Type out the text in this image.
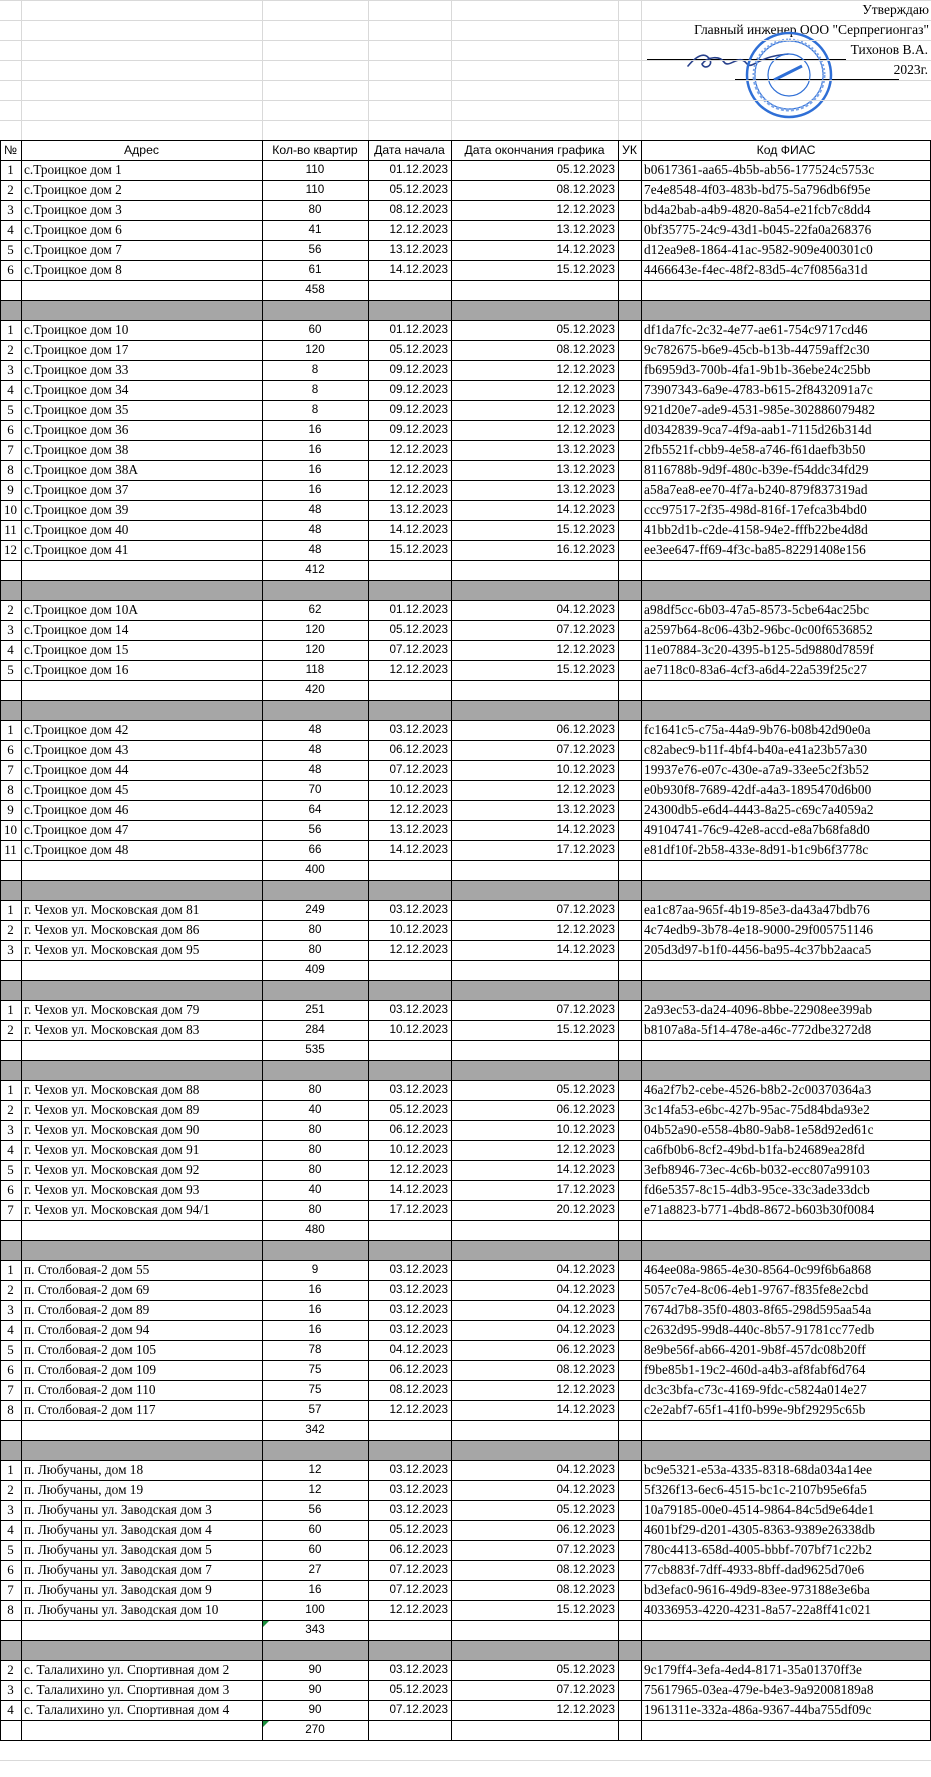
Утверждаю
Главный инженер ООО "Серпрегионгаз"
Тихонов В.А.
2023г.
№	Адрес	Кол-во квартир	Дата начала	Дата окончания графика	УК	Код ФИАС
1 с.Троицкое дом 1	110	01.12.2023	05.12.2023 b0617361-aa65-4b5b-ab56-177524c5753c
2 с.Троицкое дом 2	110	05.12.2023	08.12.2023 7e4e8548-4f03-483b-bd75-5a796db6f95e
3 с.Троицкое дом 3	80	08.12.2023	12.12.2023 bd4a2bab-a4b9-4820-8a54-e21fcb7c8dd4
4 с.Троицкое дом 6	41	12.12.2023	13.12.2023 0bf35775-24c9-43d1-b045-22fa0a268376
5 с.Троицкое дом 7	56	13.12.2023	14.12.2023 d12ea9e8-1864-41ac-9582-909e400301c0
6 с.Троицкое дом 8	61	14.12.2023	15.12.2023 4466643e-f4ec-48f2-83d5-4c7f0856a31d
458
1 с.Троицкое дом 10	60	01.12.2023	05.12.2023 df1da7fc-2c32-4e77-ae61-754c9717cd46
2 с.Троицкое дом 17	120	05.12.2023	08.12.2023 9c782675-b6e9-45cb-b13b-44759aff2c30
3 с.Троицкое дом 33	8	09.12.2023	12.12.2023 fb6959d3-700b-4fa1-9b1b-36ebe24c25bb
4 с.Троицкое дом 34	8	09.12.2023	12.12.2023 73907343-6a9e-4783-b615-2f8432091a7c
5 с.Троицкое дом 35	8	09.12.2023	12.12.2023 921d20e7-ade9-4531-985e-302886079482
6 с.Троицкое дом 36	16	09.12.2023	12.12.2023 d0342839-9ca7-4f9a-aab1-7115d26b314d
7 с.Троицкое дом 38	16	12.12.2023	13.12.2023 2fb5521f-cbb9-4e58-a746-f61daefb3b50
8 с.Троицкое дом 38А	16	12.12.2023	13.12.2023 8116788b-9d9f-480c-b39e-f54ddc34fd29
9 с.Троицкое дом 37	16	12.12.2023	13.12.2023 a58a7ea8-ee70-4f7a-b240-879f837319ad
10 с.Троицкое дом 39	48	13.12.2023	14.12.2023 ccc97517-2f35-498d-816f-17efca3b4bd0
11 с.Троицкое дом 40	48	14.12.2023	15.12.2023 41bb2d1b-c2de-4158-94e2-fffb22be4d8d
12 с.Троицкое дом 41	48	15.12.2023	16.12.2023 ee3ee647-ff69-4f3c-ba85-82291408e156
412
2 с.Троицкое дом 10А	62	01.12.2023	04.12.2023 a98df5cc-6b03-47a5-8573-5cbe64ac25bc
3 с.Троицкое дом 14	120	05.12.2023	07.12.2023 a2597b64-8c06-43b2-96bc-0c00f6536852
4 с.Троицкое дом 15	120	07.12.2023	12.12.2023 11e07884-3c20-4395-b125-5d9880d7859f
5 с.Троицкое дом 16	118	12.12.2023	15.12.2023 ae7118c0-83a6-4cf3-a6d4-22a539f25c27
420
1 с.Троицкое дом 42	48	03.12.2023	06.12.2023 fc1641c5-c75a-44a9-9b76-b08b42d90e0a
6 с.Троицкое дом 43	48	06.12.2023	07.12.2023 c82abec9-b11f-4bf4-b40a-e41a23b57a30
7 с.Троицкое дом 44	48	07.12.2023	10.12.2023 19937e76-e07c-430e-a7a9-33ee5c2f3b52
8 с.Троицкое дом 45	70	10.12.2023	12.12.2023 e0b930f8-7689-42df-a4a3-1895470d6b00
9 с.Троицкое дом 46	64	12.12.2023	13.12.2023 24300db5-e6d4-4443-8a25-c69c7a4059a2
10 с.Троицкое дом 47	56	13.12.2023	14.12.2023 49104741-76c9-42e8-accd-e8a7b68fa8d0
11 с.Троицкое дом 48	66	14.12.2023	17.12.2023 e81df10f-2b58-433e-8d91-b1c9b6f3778c
400
1 г. Чехов ул. Московская дом 81	249	03.12.2023	07.12.2023 ea1c87aa-965f-4b19-85e3-da43a47bdb76
2 г. Чехов ул. Московская дом 86	80	10.12.2023	12.12.2023 4c74edb9-3b78-4e18-9000-29f005751146
3 г. Чехов ул. Московская дом 95	80	12.12.2023	14.12.2023 205d3d97-b1f0-4456-ba95-4c37bb2aaca5
409
1 г. Чехов ул. Московская дом 79	251	03.12.2023	07.12.2023 2a93ec53-da24-4096-8bbe-22908ee399ab
2 г. Чехов ул. Московская дом 83	284	10.12.2023	15.12.2023 b8107a8a-5f14-478e-a46c-772dbe3272d8
535
1 г. Чехов ул. Московская дом 88	80	03.12.2023	05.12.2023 46a2f7b2-cebe-4526-b8b2-2c00370364a3
2 г. Чехов ул. Московская дом 89	40	05.12.2023	06.12.2023 3c14fa53-e6bc-427b-95ac-75d84bda93e2
3 г. Чехов ул. Московская дом 90	80	06.12.2023	10.12.2023 04b52a90-e558-4b80-9ab8-1e58d92ed61c
4 г. Чехов ул. Московская дом 91	80	10.12.2023	12.12.2023 ca6fb0b6-8cf2-49bd-b1fa-b24689ea28fd
5 г. Чехов ул. Московская дом 92	80	12.12.2023	14.12.2023 3efb8946-73ec-4c6b-b032-ecc807a99103
6 г. Чехов ул. Московская дом 93	40	14.12.2023	17.12.2023 fd6e5357-8c15-4db3-95ce-33c3ade33dcb
7 г. Чехов ул. Московская дом 94/1	80	17.12.2023	20.12.2023 e71a8823-b771-4bd8-8672-b603b30f0084
480
1 п. Столбовая-2 дом 55	9	03.12.2023	04.12.2023 464ee08a-9865-4e30-8564-0c99f6b6a868
2 п. Столбовая-2 дом 69	16	03.12.2023	04.12.2023 5057c7e4-8c06-4eb1-9767-f835fe8e2cbd
3 п. Столбовая-2 дом 89	16	03.12.2023	04.12.2023 7674d7b8-35f0-4803-8f65-298d595aa54a
4 п. Столбовая-2 дом 94	16	03.12.2023	04.12.2023 c2632d95-99d8-440c-8b57-91781cc77edb
5 п. Столбовая-2 дом 105	78	04.12.2023	06.12.2023 8e9be56f-ab66-4201-9b8f-457dc08b20ff
6 п. Столбовая-2 дом 109	75	06.12.2023	08.12.2023 f9be85b1-19c2-460d-a4b3-af8fabf6d764
7 п. Столбовая-2 дом 110	75	08.12.2023	12.12.2023 dc3c3bfa-c73c-4169-9fdc-c5824a014e27
8 п. Столбовая-2 дом 117	57	12.12.2023	14.12.2023 c2e2abf7-65f1-41f0-b99e-9bf29295c65b
342
1 п. Любучаны, дом 18	12	03.12.2023	04.12.2023 bc9e5321-e53a-4335-8318-68da034a14ee
2 п. Любучаны, дом 19	12	03.12.2023	04.12.2023 5f326f13-6ec6-4515-bc1c-2107b95e6fa5
3 п. Любучаны ул. Заводская дом 3	56	03.12.2023	05.12.2023 10a79185-00e0-4514-9864-84c5d9e64de1
4 п. Любучаны ул. Заводская дом 4	60	05.12.2023	06.12.2023 4601bf29-d201-4305-8363-9389e26338db
5 п. Любучаны ул. Заводская дом 5	60	06.12.2023	07.12.2023 780c4413-658d-4005-bbbf-707bf71c22b2
6 п. Любучаны ул. Заводская дом 7	27	07.12.2023	08.12.2023 77cb883f-7dff-4933-8bff-dad9625d70e6
7 п. Любучаны ул. Заводская дом 9	16	07.12.2023	08.12.2023 bd3efac0-9616-49d9-83ee-973188e3e6ba
8 п. Любучаны ул. Заводская дом 10	100	12.12.2023	15.12.2023 40336953-4220-4231-8a57-22a8ff41c021
343
2 с. Талалихино ул. Спортивная дом 2	90	03.12.2023	05.12.2023 9c179ff4-3efa-4ed4-8171-35a01370ff3e
3 с. Талалихино ул. Спортивная дом 3	90	05.12.2023	07.12.2023 75617965-03ea-479e-b4e3-9a92008189a8
4 с. Талалихино ул. Спортивная дом 4	90	07.12.2023	12.12.2023 1961311e-332a-486a-9367-44ba755df09c
270
